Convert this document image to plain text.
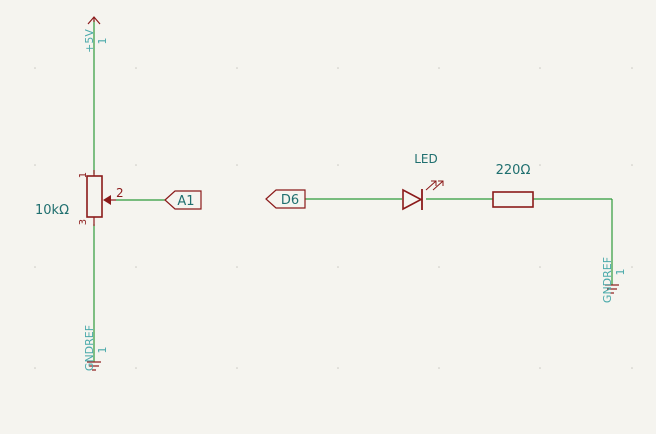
+5V 1
10kΩ
1
2
3
A1	D6
LED
220Ω
GNDREF 1
GNDREF 1
